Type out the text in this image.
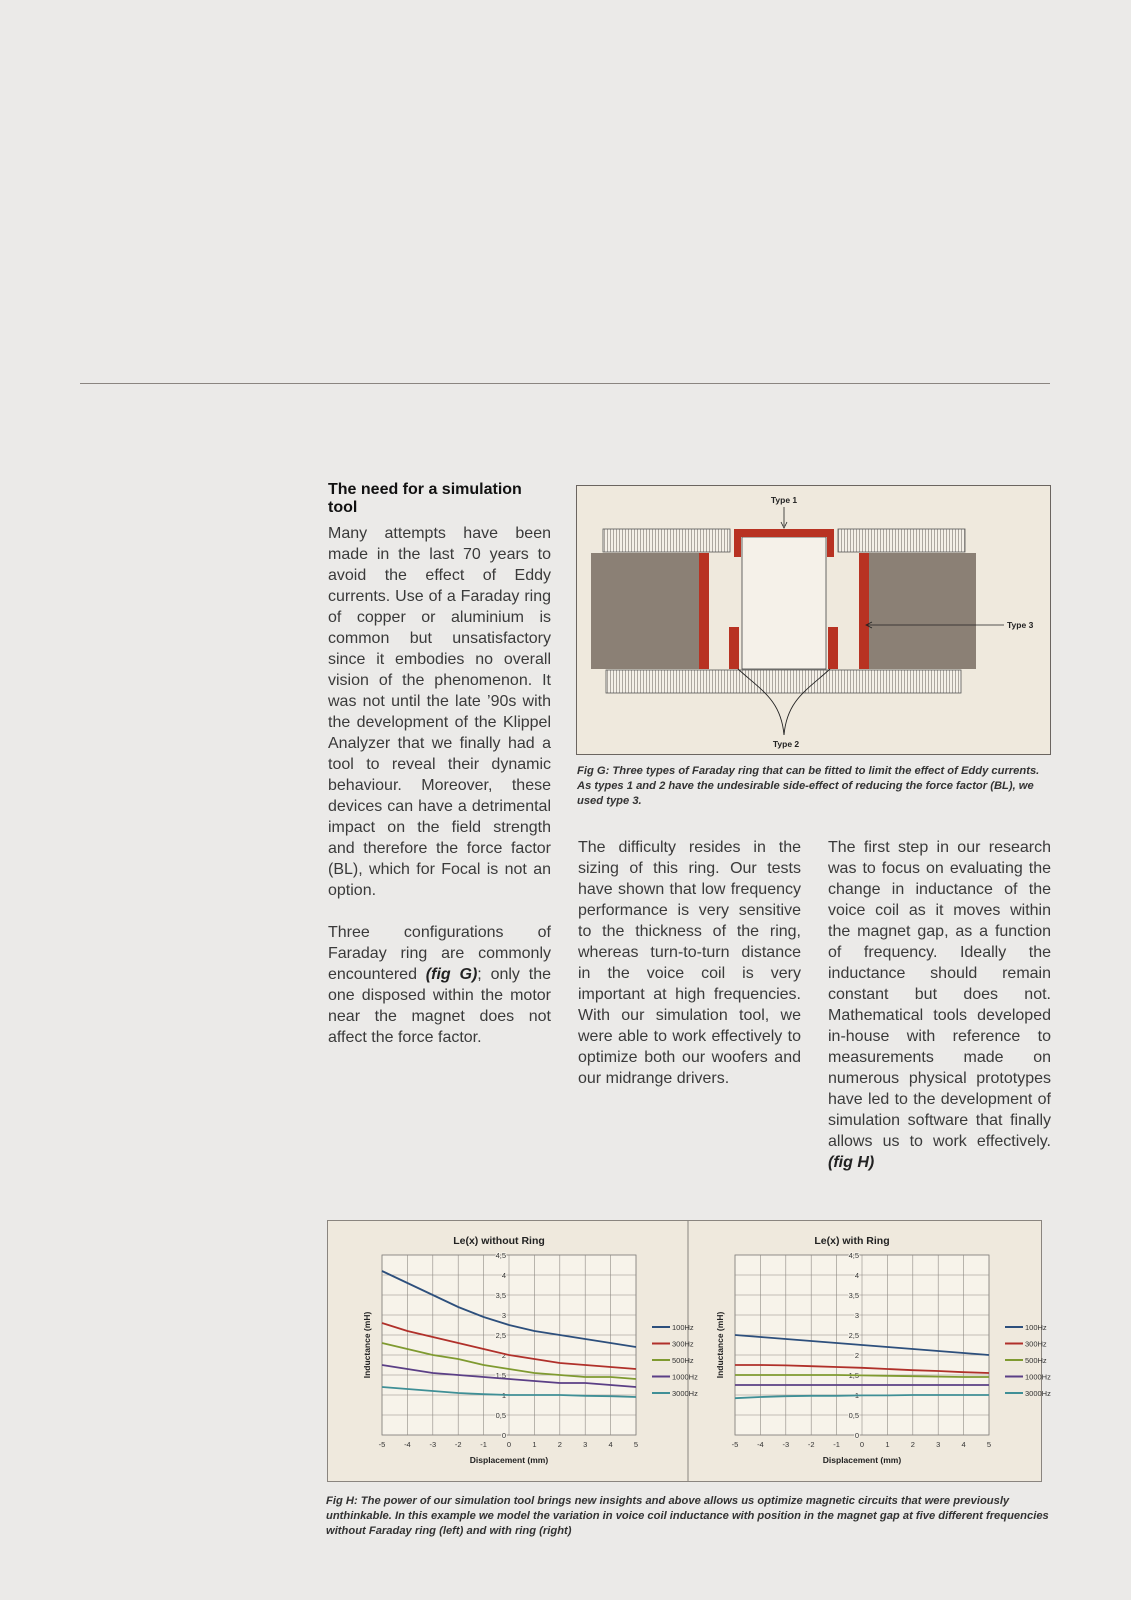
The need for a simulation tool

Many attempts have been made in the last 70 years to avoid the effect of Eddy currents. Use of a Faraday ring of copper or aluminium is common but unsatisfactory since it embodies no overall vision of the phenomenon. It was not until the late ’90s with the development of the Klippel Analyzer that we finally had a tool to reveal their dynamic behaviour. Moreover, these devices can have a detrimental impact on the field strength and therefore the force factor (BL), which for Focal is not an option.

Three configurations of Faraday ring are commonly encountered (fig G); only the one disposed within the motor near the magnet does not affect the force factor.

The difficulty resides in the sizing of this ring. Our tests have shown that low frequency performance is very sensitive to the thickness of the ring, whereas turn-to-turn distance in the voice coil is very important at high frequencies. With our simulation tool, we were able to work effectively to optimize both our woofers and our midrange drivers.

The first step in our research was to focus on evaluating the change in inductance of the voice coil as it moves within the magnet gap, as a function of frequency. Ideally the inductance should remain constant but does not. Mathematical tools developed in-house with reference to measurements made on numerous physical prototypes have led to the development of simulation software that finally allows us to work effectively. (fig H)

Type 1
Type 3
Type 2
Fig G: Three types of Faraday ring that can be fitted to limit the effect of Eddy currents. As types 1 and 2 have the undesirable side-effect of reducing the force factor (BL), we used type 3.
0
0,5
1
1,5
2
2,5
3
3,5
4
4,5
-5 -4 -3 -2 -1	0	1	2	3	4	5
Le(x) without Ring
Displacement (mm)
Inductance (mH)	100Hz
300Hz
500Hz
1000Hz
3000Hz
0
0,5
1
1,5
2
2,5
3
3,5
4
4,5
-5 -4 -3 -2 -1	0	1	2	3	4	5
Le(x) with Ring
Displacement (mm)
Inductance (mH)	100Hz
300Hz
500Hz
1000Hz
3000Hz
Fig H: The power of our simulation tool brings new insights and above allows us optimize magnetic circuits that were previously unthinkable. In this example we model the variation in voice coil inductance with position in the magnet gap at five different frequencies without Faraday ring (left) and with ring (right)
